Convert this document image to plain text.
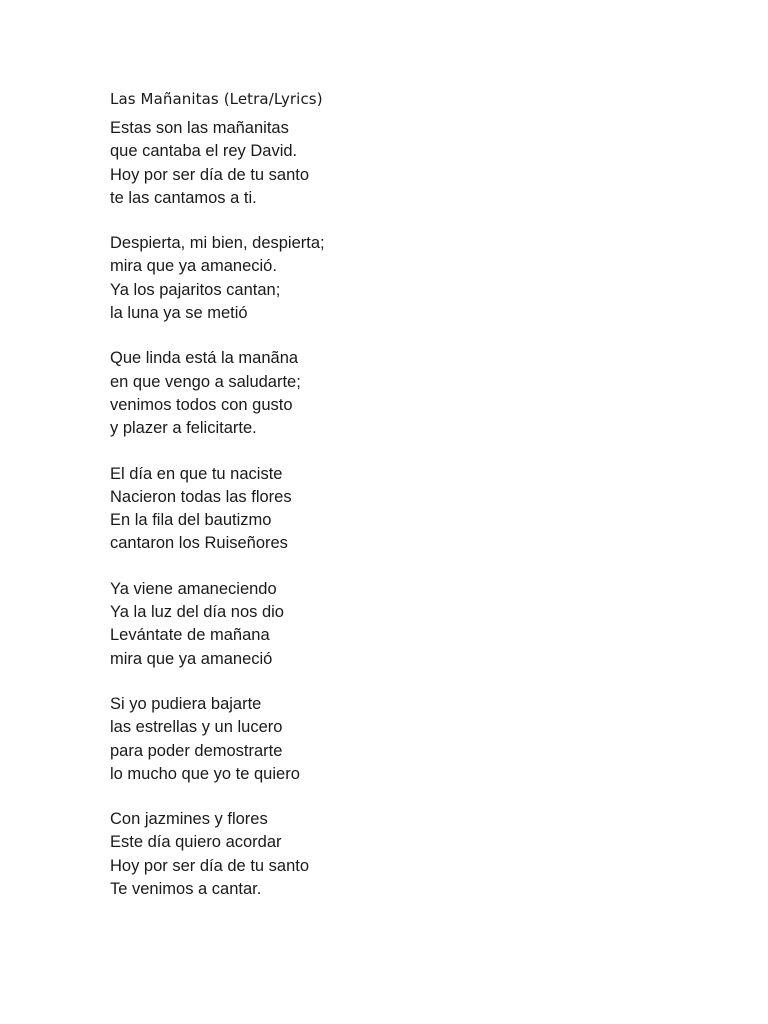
Las Mañanitas (Letra/Lyrics)
Estas son las mañanitas
que cantaba el rey David.
Hoy por ser día de tu santo
te las cantamos a ti.
Despierta, mi bien, despierta;
mira que ya amaneció.
Ya los pajaritos cantan;
la luna ya se metió
Que linda está la manãna
en que vengo a saludarte;
venimos todos con gusto
y plazer a felicitarte.
El día en que tu naciste
Nacieron todas las flores
En la fila del bautizmo
cantaron los Ruiseñores
Ya viene amaneciendo
Ya la luz del día nos dio
Levántate de mañana
mira que ya amaneció
Si yo pudiera bajarte
las estrellas y un lucero
para poder demostrarte
lo mucho que yo te quiero
Con jazmines y flores
Este día quiero acordar
Hoy por ser día de tu santo
Te venimos a cantar.
